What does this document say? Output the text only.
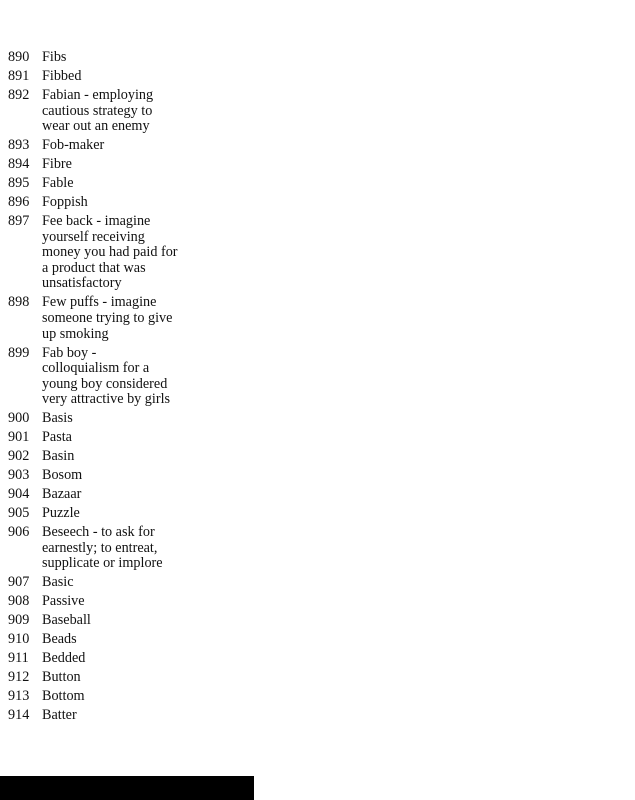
890 Fibs
891 Fibbed
892 Fabian - employing
cautious strategy to
wear out an enemy
893 Fob-maker
894 Fibre
895 Fable
896 Foppish
897 Fee back - imagine
yourself receiving
money you had paid for
a product that was
unsatisfactory
898 Few puffs - imagine
someone trying to give
up smoking
899 Fab boy -
colloquialism for a
young boy considered
very attractive by girls
900 Basis
901 Pasta
902 Basin
903 Bosom
904 Bazaar
905 Puzzle
906 Beseech - to ask for
earnestly; to entreat,
supplicate or implore
907 Basic
908 Passive
909 Baseball
910 Beads
911 Bedded
912 Button
913 Bottom
914 Batter
